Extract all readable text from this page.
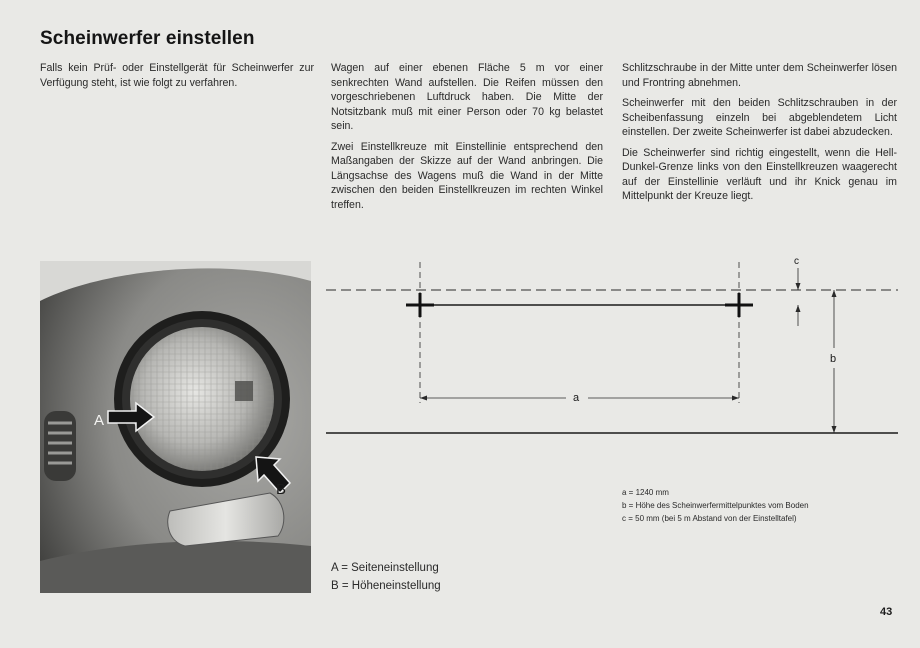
Scheinwerfer einstellen

Falls kein Prüf- oder Einstellgerät für Scheinwerfer zur Verfügung steht, ist wie folgt zu verfahren.

Wagen auf einer ebenen Fläche 5 m vor einer senkrechten Wand aufstellen. Die Reifen müssen den vorgeschriebenen Luftdruck haben. Die Mitte der Notsitzbank muß mit einer Person oder 70 kg belastet sein.

Zwei Einstellkreuze mit Einstellinie entsprechend den Maßangaben der Skizze auf der Wand anbringen. Die Längsachse des Wagens muß die Wand in der Mitte zwischen den beiden Einstellkreuzen im rechten Winkel treffen.

Schlitzschraube in der Mitte unter dem Scheinwerfer lösen und Frontring abnehmen.

Scheinwerfer mit den beiden Schlitzschrauben in der Scheibenfassung einzeln bei abgeblendetem Licht einstellen. Der zweite Scheinwerfer ist dabei abzudecken.

Die Scheinwerfer sind richtig eingestellt, wenn die Hell-Dunkel-Grenze links von den Einstellkreuzen waagerecht auf der Einstellinie verläuft und ihr Knick genau im Mittelpunkt der Kreuze liegt.

A
B
A = Seiteneinstellung
B = Höheneinstellung
a
b
c
a = 1240 mm
b = Höhe des Scheinwerfermittelpunktes vom Boden
c = 50 mm (bei 5 m Abstand von der Einstelltafel)
43
